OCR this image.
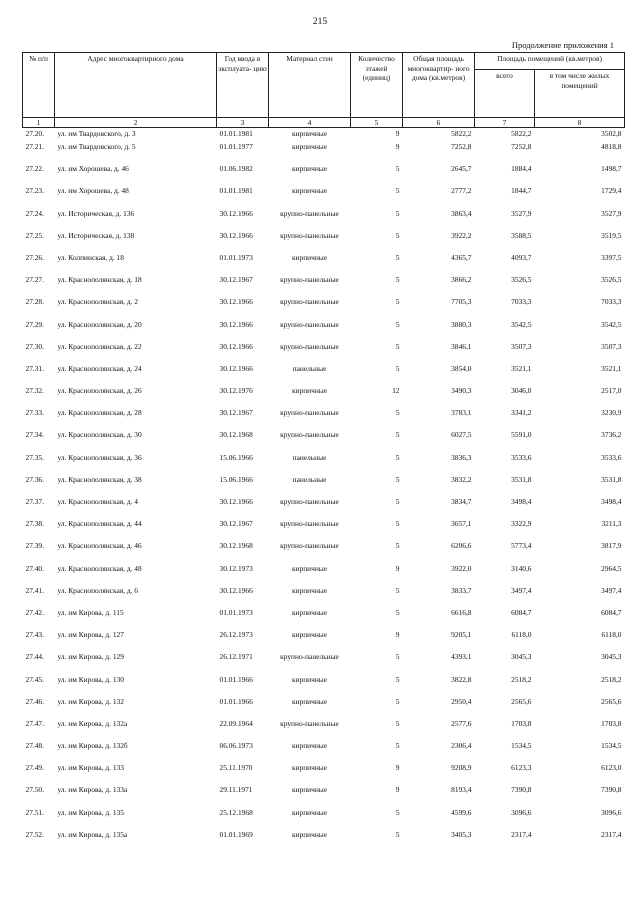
215
Продолжение приложения 1
№ п/п	Адрес многоквартирного дома	Год ввода в эксплуата- цию	Материал стен	Количество этажей (единиц)	Общая площадь многоквартир- ного дома (кв.метров)	Площадь помещений (кв.метров)	
						всего	в том числе жилых помещений
1	2	3	4	5	6	7	8
27.20.	ул. им Твардовского, д. 3	01.01.1981	кирпичные	9	5822,2	5822,2	3502,8
27.21.	ул. им Твардовского, д. 5	01.01.1977	кирпичные	9	7252,8	7252,8	4818,8
27.22.	ул. им Хорошева, д. 46	01.06.1982	кирпичные	5	2645,7	1884,4	1498,7
27.23.	ул. им Хорошева, д. 48	01.01.1981	кирпичные	5	2777,2	1844,7	1729,4
27.24.	ул. Историческая, д. 136	30.12.1966	крупно-панельные	5	3863,4	3527,9	3527,9
27.25.	ул. Историческая, д. 138	30.12.1966	крупно-панельные	5	3922,2	3588,5	3519,5
27.26.	ул. Колпинская, д. 18	01.01.1973	кирпичные	5	4365,7	4093,7	3397,5
27.27.	ул. Краснополянская, д. 18	30.12.1967	крупно-панельные	5	3866,2	3526,5	3526,5
27.28.	ул. Краснополянская, д. 2	30.12.1966	крупно-панельные	5	7705,3	7033,3	7033,3
27.29.	ул. Краснополянская, д. 20	30.12.1966	крупно-панельные	5	3880,3	3542,5	3542,5
27.30.	ул. Краснополянская, д. 22	30.12.1966	крупно-панельные	5	3846,1	3507,3	3507,3
27.31.	ул. Краснополянская, д. 24	30.12.1966	панельные	5	3854,0	3521,1	3521,1
27.32.	ул. Краснополянская, д. 26	30.12.1976	кирпичные	12	3490,3	3046,0	2517,0
27.33.	ул. Краснополянская, д. 28	30.12.1967	крупно-панельные	5	3783,1	3341,2	3230,9
27.34.	ул. Краснополянская, д. 30	30.12.1968	крупно-панельные	5	6027,5	5591,0	3736,2
27.35.	ул. Краснополянская, д. 36	15.06.1966	панельные	5	3836,3	3533,6	3533,6
27.36.	ул. Краснополянская, д. 38	15.06.1966	панельные	5	3832,2	3531,8	3531,8
27.37.	ул. Краснополянская, д. 4	30.12.1966	крупно-панельные	5	3834,7	3498,4	3498,4
27.38.	ул. Краснополянская, д. 44	30.12.1967	крупно-панельные	5	3657,1	3322,9	3211,3
27.39.	ул. Краснополянская, д. 46	30.12.1968	крупно-панельные	5	6206,6	5773,4	3817,9
27.40.	ул. Краснополянская, д. 48	30.12.1973	кирпичные	9	3922,0	3140,6	2964,5
27.41.	ул. Краснополянская, д. 6	30.12.1966	кирпичные	5	3833,7	3497,4	3497,4
27.42.	ул. им Кирова, д. 115	01.01.1973	кирпичные	5	6616,8	6084,7	6084,7
27.43.	ул. им Кирова, д. 127	26.12.1973	кирпичные	9	9205,1	6118,0	6118,0
27.44.	ул. им Кирова, д. 129	26.12.1971	крупно-панельные	5	4393,1	3045,3	3045,3
27.45.	ул. им Кирова, д. 130	01.01.1966	кирпичные	5	3822,8	2518,2	2518,2
27.46.	ул. им Кирова, д. 132	01.01.1966	кирпичные	5	2950,4	2565,6	2565,6
27.47.	ул. им Кирова, д. 132а	22.09.1964	крупно-панельные	5	2577,6	1703,8	1703,8
27.48.	ул. им Кирова, д. 132б	06.06.1973	кирпичные	5	2306,4	1534,5	1534,5
27.49.	ул. им Кирова, д. 133	25.11.1970	кирпичные	9	9208,9	6123,3	6123,0
27.50.	ул. им Кирова, д. 133а	29.11.1971	кирпичные	9	8193,4	7390,8	7390,8
27.51.	ул. им Кирова, д. 135	25.12.1968	кирпичные	5	4599,6	3096,6	3096,6
27.52.	ул. им Кирова, д. 135а	01.01.1969	кирпичные	5	3405,3	2317,4	2317,4
